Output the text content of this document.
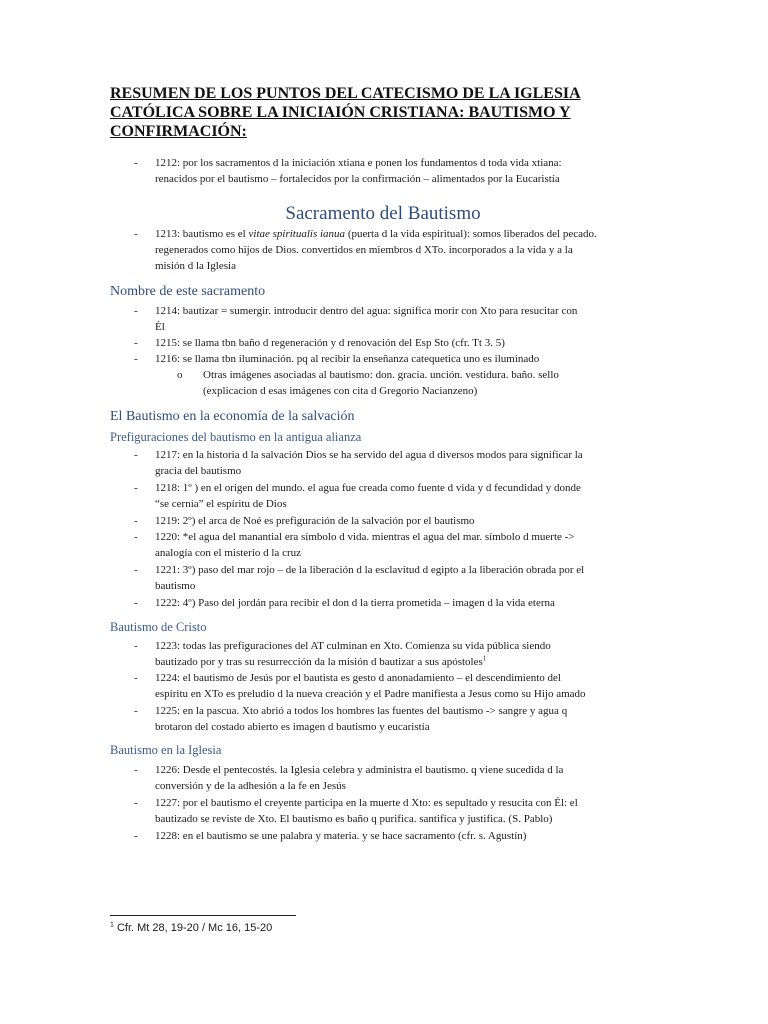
RESUMEN DE LOS PUNTOS DEL CATECISMO DE LA IGLESIA
CATÓLICA SOBRE LA INICIAIÓN CRISTIANA: BAUTISMO Y
CONFIRMACIÓN:
- 1212: por los sacramentos d la iniciación xtiana e ponen los fundamentos d toda vida xtiana:
renacidos por el bautismo – fortalecidos por la confirmación – alimentados por la Eucaristía
Sacramento del Bautismo
- 1213: bautismo es el vitae spiritualis ianua (puerta d la vida espiritual): somos liberados del pecado.
regenerados como hijos de Dios. convertidos en miembros d XTo. incorporados a la vida y a la
misión d la Iglesia
Nombre de este sacramento
- 1214: bautizar = sumergir. introducir dentro del agua: significa morir con Xto para resucitar con
Él
- 1215: se llama tbn baño d regeneración y d renovación del Esp Sto (cfr. Tt 3. 5)
- 1216: se llama tbn iluminación. pq al recibir la enseñanza catequetica uno es iluminado
o Otras imágenes asociadas al bautismo: don. gracia. unción. vestidura. baño. sello
(explicacion d esas imágenes con cita d Gregorio Nacianzeno)
El Bautismo en la economía de la salvación
Prefiguraciones del bautismo en la antigua alianza
- 1217: en la historia d la salvación Dios se ha servido del agua d diversos modos para significar la
gracia del bautismo
- 1218: 1º ) en el origen del mundo. el agua fue creada como fuente d vida y d fecundidad y donde
“se cernía” el espíritu de Dios
- 1219: 2º) el arca de Noé es prefiguración de la salvación por el bautismo
- 1220: *el agua del manantial era símbolo d vida. mientras el agua del mar. símbolo d muerte ->
analogía con el misterio d la cruz
- 1221: 3º) paso del mar rojo – de la liberación d la esclavitud d egipto a la liberación obrada por el
bautismo
- 1222: 4º) Paso del jordán para recibir el don d la tierra prometida – imagen d la vida eterna
Bautismo de Cristo
- 1223: todas las prefiguraciones del AT culminan en Xto. Comienza su vida pública siendo
bautizado por y tras su resurrección da la misión d bautizar a sus apóstoles$^1$
- 1224: el bautismo de Jesús por el bautista es gesto d anonadamiento – el descendimiento del
espíritu en XTo es preludio d la nueva creación y el Padre manifiesta a Jesus como su Hijo amado
- 1225: en la pascua. Xto abrió a todos los hombres las fuentes del bautismo -> sangre y agua q
brotaron del costado abierto es imagen d bautismo y eucaristía
Bautismo en la Iglesia
- 1226: Desde el pentecostés. la Iglesia celebra y administra el bautismo. q viene sucedida d la
conversión y de la adhesión a la fe en Jesús
- 1227: por el bautismo el creyente participa en la muerte d Xto: es sepultado y resucita con Él: el
bautizado se reviste de Xto. El bautismo es baño q purifica. santifica y justifica. (S. Pablo)
- 1228: en el bautismo se une palabra y materia. y se hace sacramento (cfr. s. Agustín)
$^1$ Cfr. Mt 28, 19-20 / Mc 16, 15-20
